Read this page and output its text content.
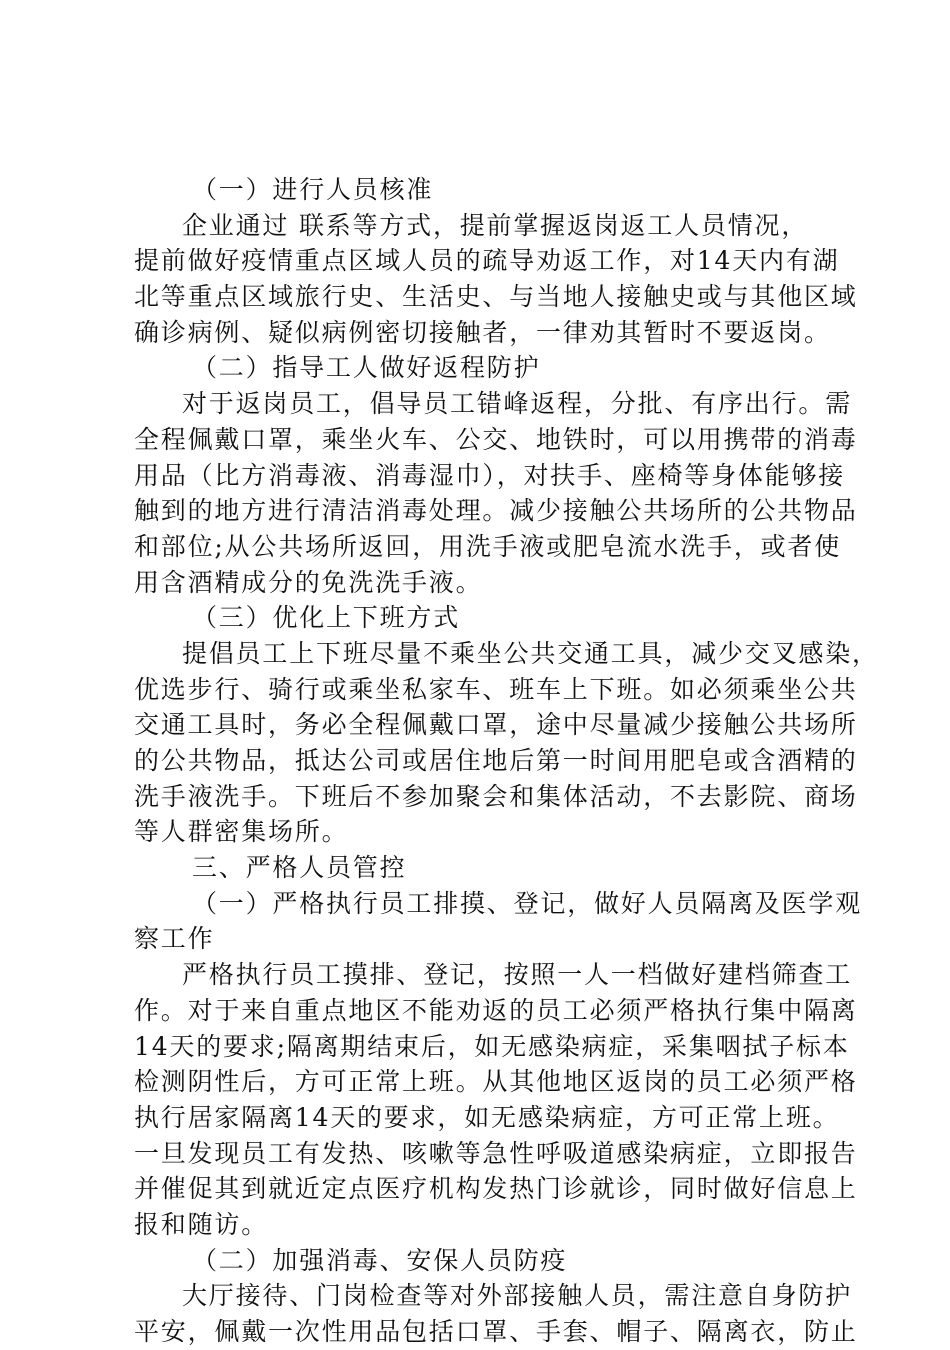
（一）进行人员核准
企业通过 联系等方式，提前掌握返岗返工人员情况，
提前做好疫情重点区域人员的疏导劝返工作，对14天内有湖
北等重点区域旅行史、生活史、与当地人接触史或与其他区域
确诊病例、疑似病例密切接触者，一律劝其暂时不要返岗。
（二）指导工人做好返程防护
对于返岗员工，倡导员工错峰返程，分批、有序出行。需
全程佩戴口罩，乘坐火车、公交、地铁时，可以用携带的消毒
用品（比方消毒液、消毒湿巾），对扶手、座椅等身体能够接
触到的地方进行清洁消毒处理。减少接触公共场所的公共物品
和部位;从公共场所返回，用洗手液或肥皂流水洗手，或者使
用含酒精成分的免洗洗手液。
（三）优化上下班方式
提倡员工上下班尽量不乘坐公共交通工具，减少交叉感染，
优选步行、骑行或乘坐私家车、班车上下班。如必须乘坐公共
交通工具时，务必全程佩戴口罩，途中尽量减少接触公共场所
的公共物品，抵达公司或居住地后第一时间用肥皂或含酒精的
洗手液洗手。下班后不参加聚会和集体活动，不去影院、商场
等人群密集场所。
三、严格人员管控
（一）严格执行员工排摸、登记，做好人员隔离及医学观
察工作
严格执行员工摸排、登记，按照一人一档做好建档筛查工
作。对于来自重点地区不能劝返的员工必须严格执行集中隔离
14天的要求;隔离期结束后，如无感染病症，采集咽拭子标本
检测阴性后，方可正常上班。从其他地区返岗的员工必须严格
执行居家隔离14天的要求，如无感染病症，方可正常上班。
一旦发现员工有发热、咳嗽等急性呼吸道感染病症，立即报告
并催促其到就近定点医疗机构发热门诊就诊，同时做好信息上
报和随访。
（二）加强消毒、安保人员防疫
大厅接待、门岗检查等对外部接触人员，需注意自身防护
平安，佩戴一次性用品包括口罩、手套、帽子、隔离衣，防止
